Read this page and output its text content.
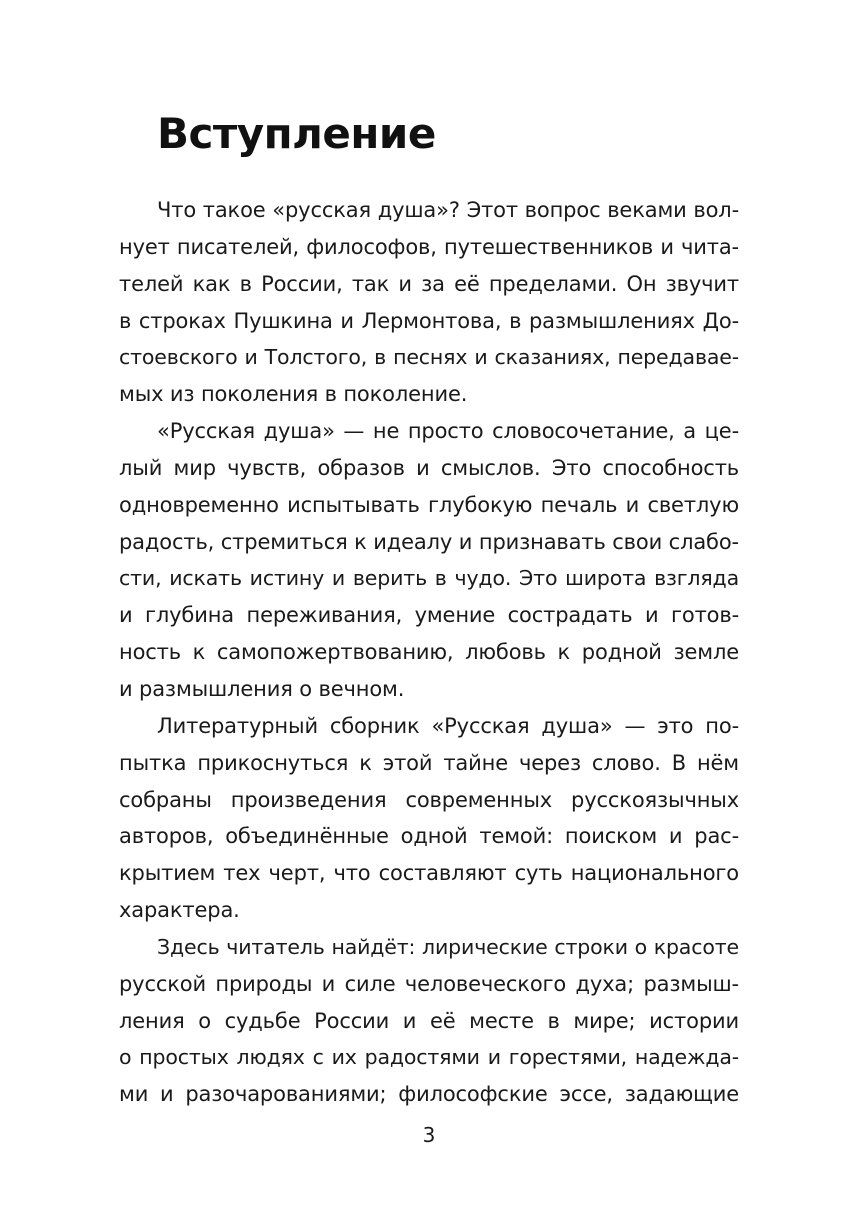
Вступление
Что такое «русская душа»? Этот вопрос веками вол-
нует писателей, философов, путешественников и чита-
телей как в России, так и за её пределами. Он звучит
в строках Пушкина и Лермонтова, в размышлениях До-
стоевского и Толстого, в песнях и сказаниях, передавае-
мых из поколения в поколение.
«Русская душа» — не просто словосочетание, а це-
лый мир чувств, образов и смыслов. Это способность
одновременно испытывать глубокую печаль и светлую
радость, стремиться к идеалу и признавать свои слабо-
сти, искать истину и верить в чудо. Это широта взгляда
и глубина переживания, умение сострадать и готов-
ность к самопожертвованию, любовь к родной земле
и размышления о вечном.
Литературный сборник «Русская душа» — это по-
пытка прикоснуться к этой тайне через слово. В нём
собраны произведения современных русскоязычных
авторов, объединённые одной темой: поиском и рас-
крытием тех черт, что составляют суть национального
характера.
Здесь читатель найдёт: лирические строки о красоте
русской природы и силе человеческого духа; размыш-
ления о судьбе России и её месте в мире; истории
о простых людях с их радостями и горестями, надежда-
ми и разочарованиями; философские эссе, задающие
3
